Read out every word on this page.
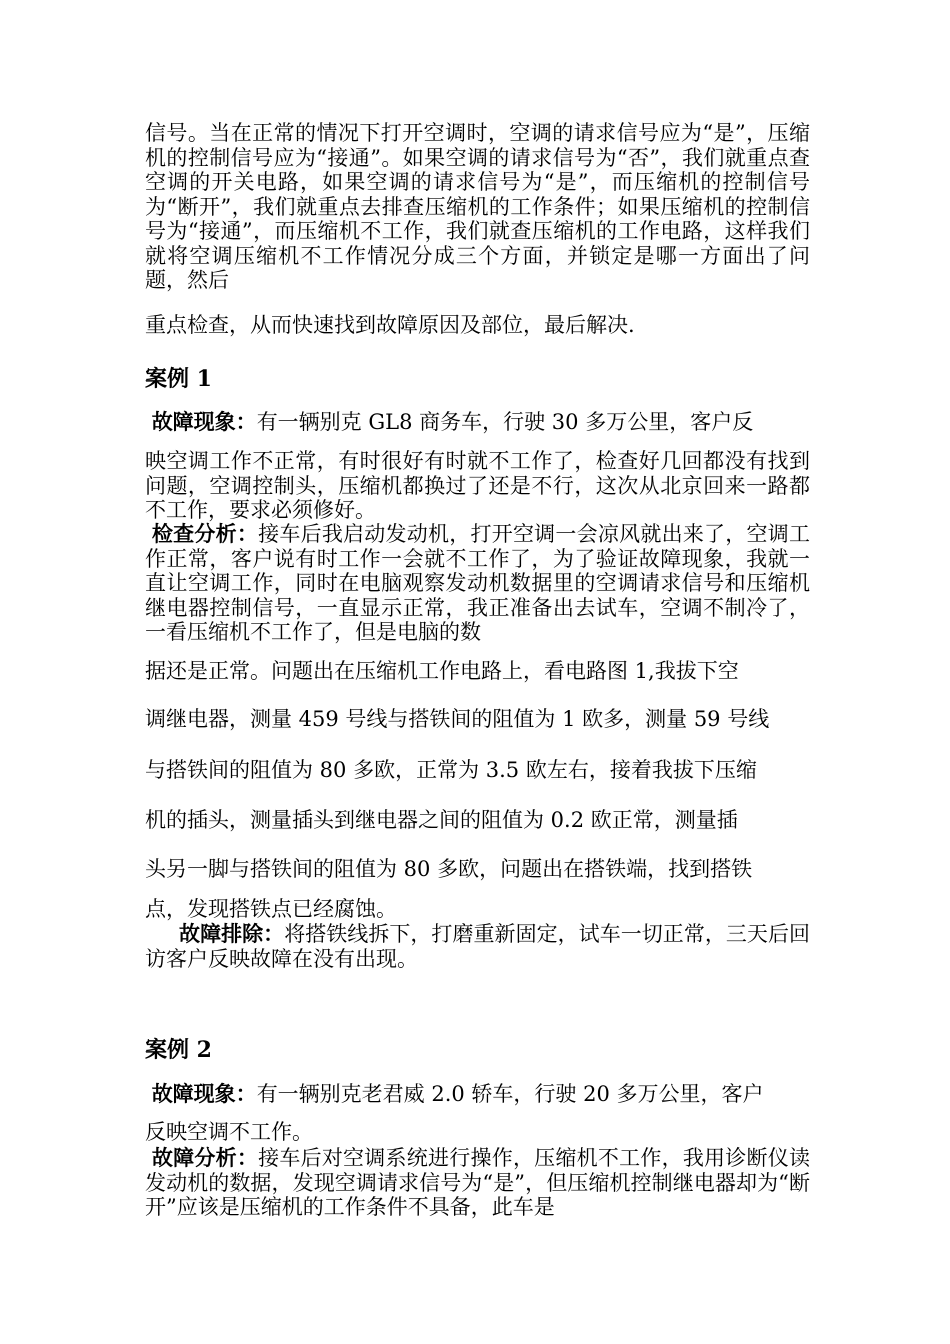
信号。当在正常的情况下打开空调时，空调的请求信号应为“是”，压缩机的控制信号应为“接通”。如果空调的请求信号为“否”，我们就重点查空调的开关电路，如果空调的请求信号为“是”，而压缩机的控制信号为“断开”，我们就重点去排查压缩机的工作条件；如果压缩机的控制信号为“接通”，而压缩机不工作，我们就查压缩机的工作电路，这样我们就将空调压缩机不工作情况分成三个方面，并锁定是哪一方面出了问题，然后

重点检查，从而快速找到故障原因及部位，最后解决.

案例 1

故障现象：有一辆别克 GL8 商务车，行驶 30 多万公里，客户反

映空调工作不正常，有时很好有时就不工作了，检查好几回都没有找到问题，空调控制头，压缩机都换过了还是不行，这次从北京回来一路都不工作，要求必须修好。

检查分析：接车后我启动发动机，打开空调一会凉风就出来了，空调工作正常，客户说有时工作一会就不工作了，为了验证故障现象，我就一直让空调工作，同时在电脑观察发动机数据里的空调请求信号和压缩机继电器控制信号，一直显示正常，我正准备出去试车，空调不制冷了，一看压缩机不工作了，但是电脑的数

据还是正常。问题出在压缩机工作电路上，看电路图 1,我拔下空

调继电器，测量 459 号线与搭铁间的阻值为 1 欧多，测量 59 号线

与搭铁间的阻值为 80 多欧，正常为 3.5 欧左右，接着我拔下压缩

机的插头，测量插头到继电器之间的阻值为 0.2 欧正常，测量插

头另一脚与搭铁间的阻值为 80 多欧，问题出在搭铁端，找到搭铁

点，发现搭铁点已经腐蚀。

故障排除：将搭铁线拆下，打磨重新固定，试车一切正常，三天后回访客户反映故障在没有出现。

案例 2

故障现象：有一辆别克老君威 2.0 轿车，行驶 20 多万公里，客户

反映空调不工作。

故障分析：接车后对空调系统进行操作，压缩机不工作，我用诊断仪读发动机的数据，发现空调请求信号为“是”，但压缩机控制继电器却为“断开”应该是压缩机的工作条件不具备，此车是
